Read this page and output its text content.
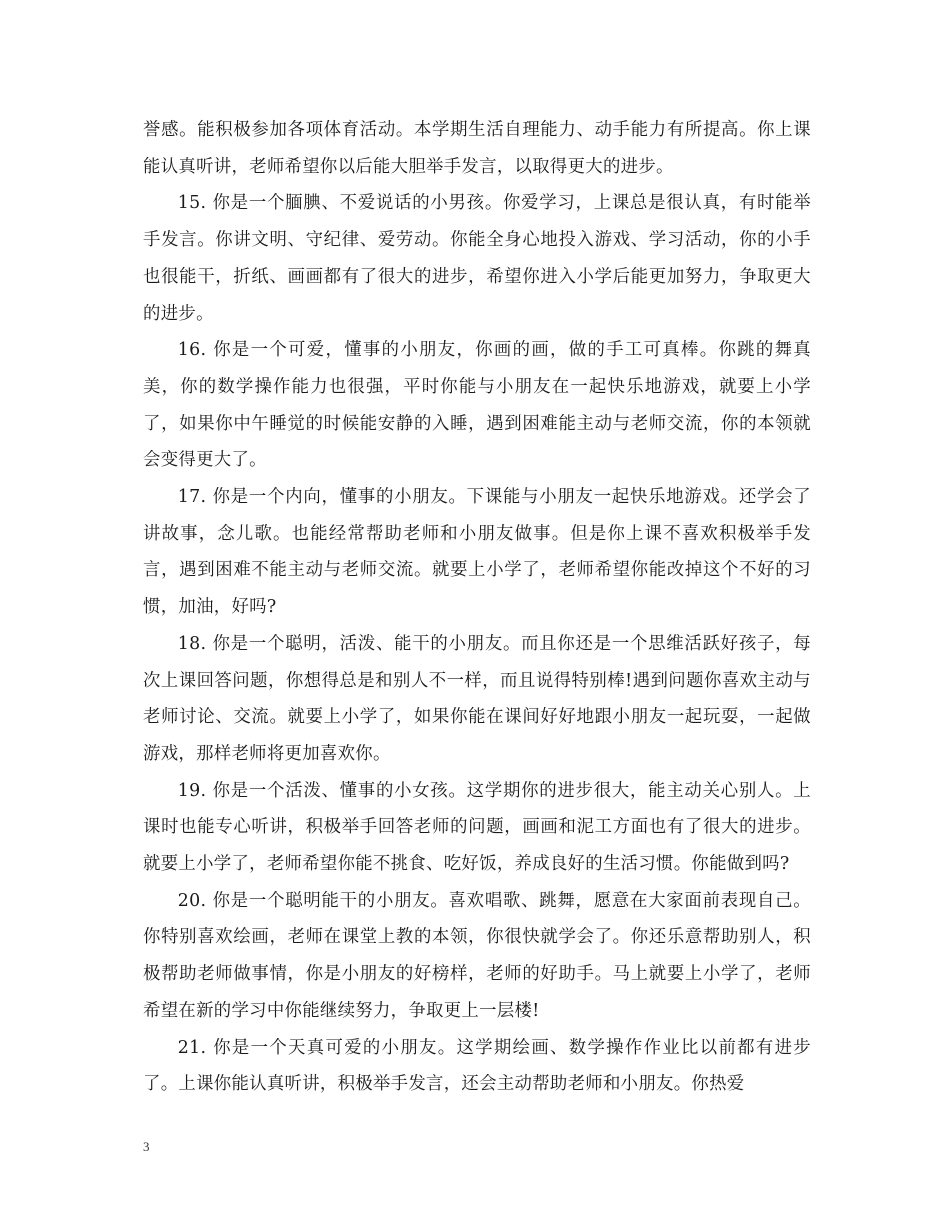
誉感。能积极参加各项体育活动。本学期生活自理能力、动手能力有所提高。你上课能认真听讲，老师希望你以后能大胆举手发言，以取得更大的进步。

15. 你是一个腼腆、不爱说话的小男孩。你爱学习，上课总是很认真，有时能举手发言。你讲文明、守纪律、爱劳动。你能全身心地投入游戏、学习活动，你的小手也很能干，折纸、画画都有了很大的进步，希望你进入小学后能更加努力，争取更大的进步。

16. 你是一个可爱，懂事的小朋友，你画的画，做的手工可真棒。你跳的舞真美，你的数学操作能力也很强，平时你能与小朋友在一起快乐地游戏，就要上小学了，如果你中午睡觉的时候能安静的入睡，遇到困难能主动与老师交流，你的本领就会变得更大了。

17. 你是一个内向，懂事的小朋友。下课能与小朋友一起快乐地游戏。还学会了讲故事，念儿歌。也能经常帮助老师和小朋友做事。但是你上课不喜欢积极举手发言，遇到困难不能主动与老师交流。就要上小学了，老师希望你能改掉这个不好的习惯，加油，好吗?

18. 你是一个聪明，活泼、能干的小朋友。而且你还是一个思维活跃好孩子，每次上课回答问题，你想得总是和别人不一样，而且说得特别棒!遇到问题你喜欢主动与老师讨论、交流。就要上小学了，如果你能在课间好好地跟小朋友一起玩耍，一起做游戏，那样老师将更加喜欢你。

19. 你是一个活泼、懂事的小女孩。这学期你的进步很大，能主动关心别人。上课时也能专心听讲，积极举手回答老师的问题，画画和泥工方面也有了很大的进步。就要上小学了，老师希望你能不挑食、吃好饭，养成良好的生活习惯。你能做到吗?

20. 你是一个聪明能干的小朋友。喜欢唱歌、跳舞，愿意在大家面前表现自己。你特别喜欢绘画，老师在课堂上教的本领，你很快就学会了。你还乐意帮助别人，积极帮助老师做事情，你是小朋友的好榜样，老师的好助手。马上就要上小学了，老师希望在新的学习中你能继续努力，争取更上一层楼!

21. 你是一个天真可爱的小朋友。这学期绘画、数学操作作业比以前都有进步了。上课你能认真听讲，积极举手发言，还会主动帮助老师和小朋友。你热爱

3
